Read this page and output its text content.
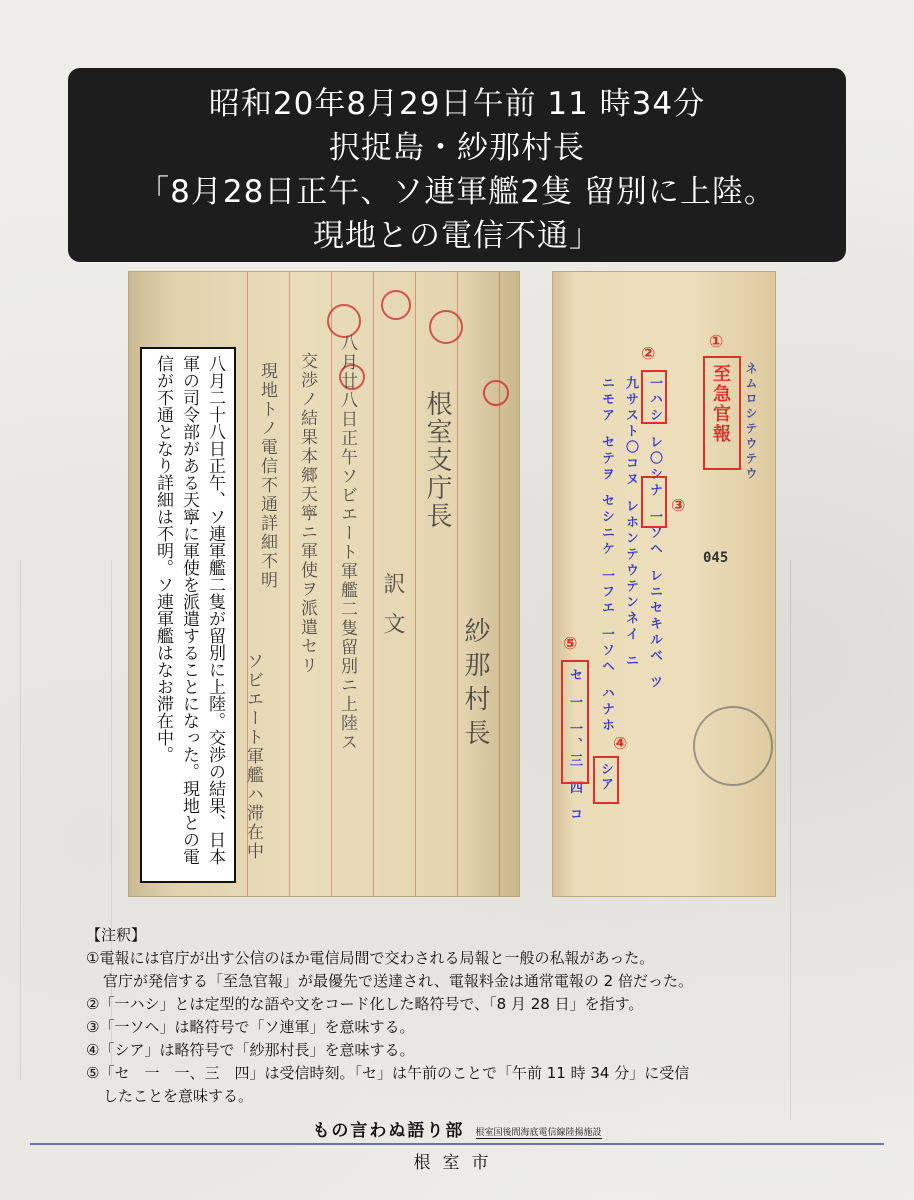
昭和20年8月29日午前 11 時34分
択捉島・紗那村長
「8月28日正午、ソ連軍艦2隻 留別に上陸。
現地との電信不通」
根室支庁長
訳文
紗那村長
八月廿八日正午ソビエート軍艦二隻留別ニ上陸ス
交渉ノ結果本郷天寧ニ軍使ヲ派遣セリ
現地トノ電信不通詳細不明
ソビエート軍艦ハ滞在中
八月二十八日正午、ソ連軍艦二隻が留別に上陸。交渉の結果、日本軍の司令部がある天寧に軍使を派遣することになった。現地との電信が不通となり詳細は不明。ソ連軍艦はなお滞在中。	ネムロシテウテウ
至急官報
①
一ハシ レ〇シナ 一ソヘ レニセキルベ ツ
九サスト〇コヌ レホンテウテンネイ ニ
ニモア セテヲ セシニケ 一フエ 一ソヘ ハナホ
セ 一 一、三 四 コ
②
③
シア
④
⑤
045
【注釈】
①電報には官庁が出す公信のほか電信局間で交わされる局報と一般の私報があった。
官庁が発信する「至急官報」が最優先で送達され、電報料金は通常電報の 2 倍だった。
②「一ハシ」とは定型的な語や文をコード化した略符号で、「8 月 28 日」を指す。
③「一ソヘ」は略符号で「ソ連軍」を意味する。
④「シア」は略符号で「紗那村長」を意味する。
⑤「セ　一　一、三　四」は受信時刻。「セ」は午前のことで「午前 11 時 34 分」に受信
したことを意味する。
もの言わぬ語り部 根室国後間海底電信線陸揚施設
根室市
